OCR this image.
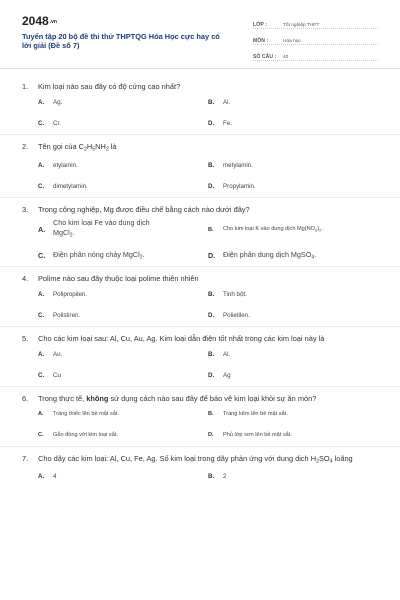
2048.vn
Tuyển tập 20 bộ đề thi thử THPTQG Hóa Học cực hay có lời giải (Đề số 7)
LỚP :	Tốt nghiệp THPT
MÔN :	Hóa học
SỐ CÂU :	40
1.	Kim loại nào sau đây có độ cứng cao nhất?
A.	Ag.	B.	Al.
C.	Cr.	D.	Fe.
2.	Tên gọi của $C_2H_5NH_2$ là
A.	etylamin.	B.	metylamin.
C.	dimetylamin.	D.	Propylamin.
3.	Trong công nghiệp, Mg được điều chế bằng cách nào dưới đây?
A.
Cho kim loại Fe vào dung dịch MgCl$_2$.	B.	Cho kim loại K vào dung dịch $Mg(NO_3)_2$.
C.	Điện phân nóng chảy MgCl$_2$.	D.	Điện phân dung dịch MgSO$_4$.
4.	Polime nào sau đây thuộc loại polime thiên nhiên
A.	Polipropilen.	B.	Tinh bột.
C.	Polistiren.	D.	Polietilen.
5.	Cho các kim loại sau: Al, Cu, Au, Ag. Kim loại dẫn điện tốt nhất trong các kim loại này là
A.	Au.	B.	Al.
C.	Cu	D.	Ag
6.	Trong thực tế, không sử dụng cách nào sau đây để bảo vệ kim loại khỏi sự ăn mòn?
A.	Tráng thiếc lên bề mặt sắt.	B.	Tráng kẽm lên bề mặt sắt.
C.	Gắn đồng với kim loại sắt.	D.	Phủ lớp sơn lên bề mặt sắt.
7.	Cho dãy các kim loại: Al, Cu, Fe, Ag. Số kim loại trong dãy phản ứng với dung dịch $H_2SO_4$ loãng
A.	4	B.	2
